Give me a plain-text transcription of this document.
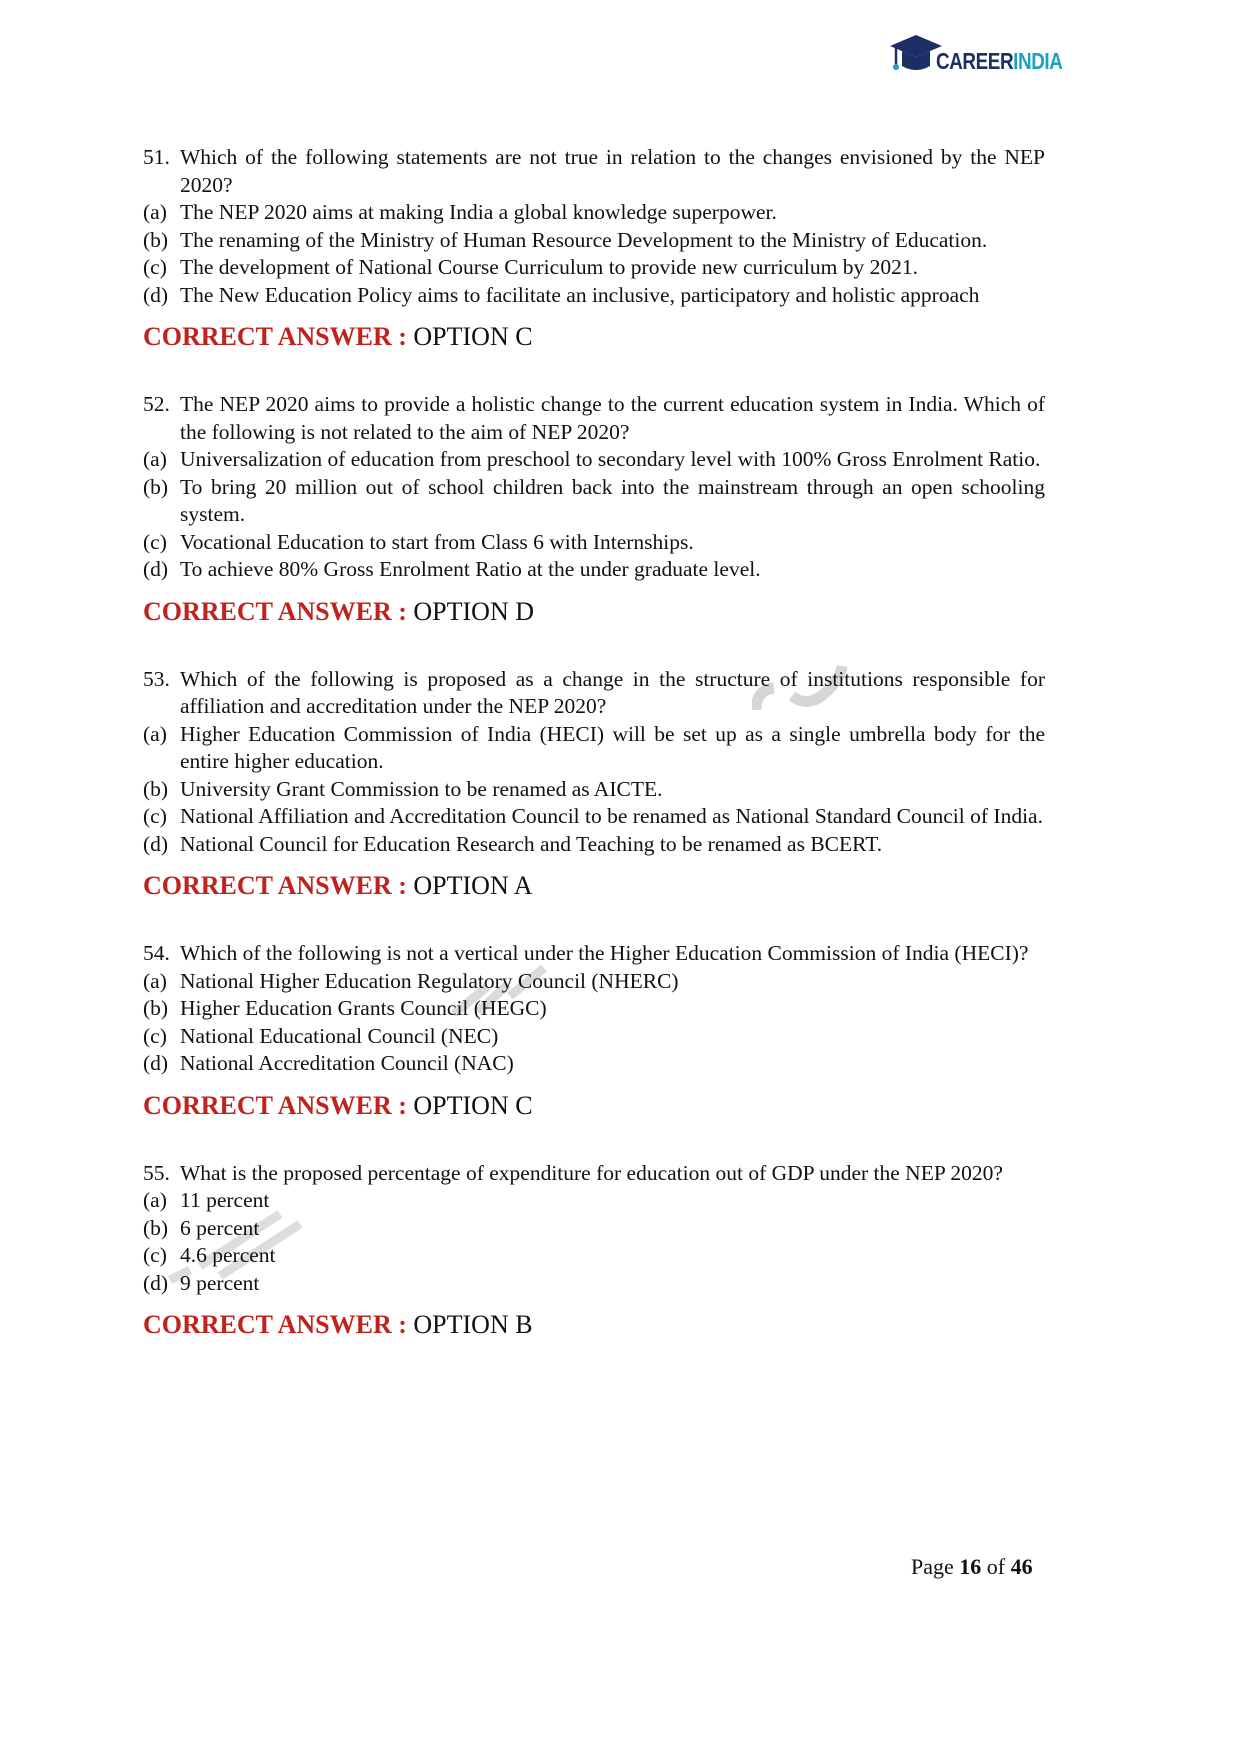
CAREERINDIA
51. Which of the following statements are not true in relation to the changes envisioned by the NEP 2020?
(a) The NEP 2020 aims at making India a global knowledge superpower.
(b) The renaming of the Ministry of Human Resource Development to the Ministry of Education.
(c) The development of National Course Curriculum to provide new curriculum by 2021.
(d) The New Education Policy aims to facilitate an inclusive, participatory and holistic approach
CORRECT ANSWER : OPTION C
52. The NEP 2020 aims to provide a holistic change to the current education system in India. Which of the following is not related to the aim of NEP 2020?
(a) Universalization of education from preschool to secondary level with 100% Gross Enrolment Ratio.
(b) To bring 20 million out of school children back into the mainstream through an open schooling system.
(c) Vocational Education to start from Class 6 with Internships.
(d) To achieve 80% Gross Enrolment Ratio at the under graduate level.
CORRECT ANSWER : OPTION D
53. Which of the following is proposed as a change in the structure of institutions responsible for affiliation and accreditation under the NEP 2020?
(a) Higher Education Commission of India (HECI) will be set up as a single umbrella body for the entire higher education.
(b) University Grant Commission to be renamed as AICTE.
(c) National Affiliation and Accreditation Council to be renamed as National Standard Council of India.
(d) National Council for Education Research and Teaching to be renamed as BCERT.
CORRECT ANSWER : OPTION A
54. Which of the following is not a vertical under the Higher Education Commission of India (HECI)?
(a) National Higher Education Regulatory Council (NHERC)
(b) Higher Education Grants Council (HEGC)
(c) National Educational Council (NEC)
(d) National Accreditation Council (NAC)
CORRECT ANSWER : OPTION C
55. What is the proposed percentage of expenditure for education out of GDP under the NEP 2020?
(a) 11 percent
(b) 6 percent
(c) 4.6 percent
(d) 9 percent
CORRECT ANSWER : OPTION B
Page 16 of 46
